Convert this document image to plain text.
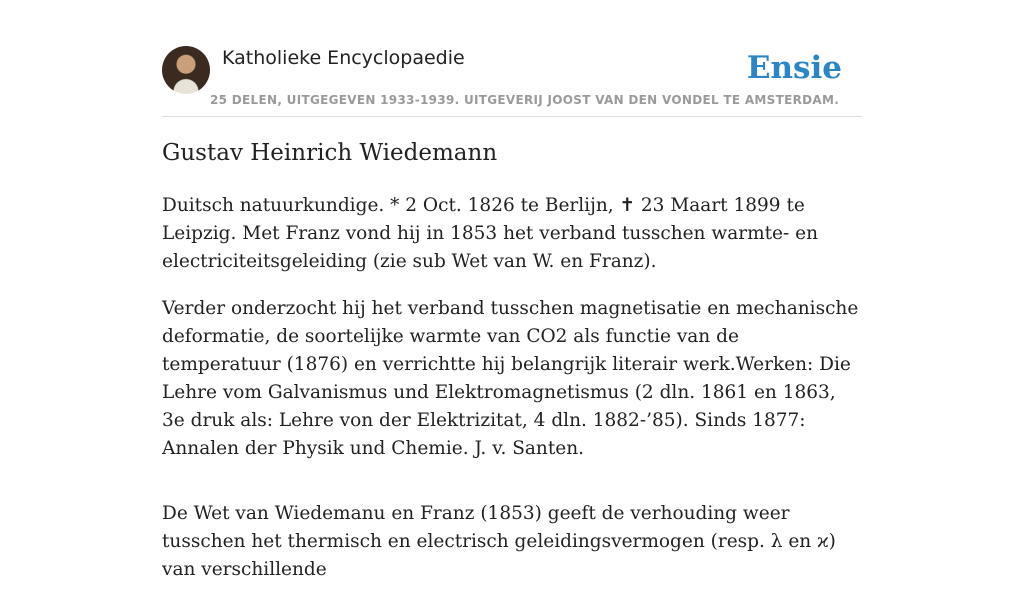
Katholieke Encyclopaedie
25 DELEN, UITGEGEVEN 1933-1939. UITGEVERIJ JOOST VAN DEN VONDEL TE AMSTERDAM.
Ensie
Gustav Heinrich Wiedemann

Duitsch natuurkundige. * 2 Oct. 1826 te Berlijn, ✝ 23 Maart 1899 te Leipzig. Met Franz vond hij in 1853 het verband tusschen warmte- en electriciteitsgeleiding (zie sub Wet van W. en Franz).

Verder onderzocht hij het verband tusschen magnetisatie en mechanische deformatie, de soortelijke warmte van CO2 als functie van de temperatuur (1876) en verrichtte hij belangrijk literair werk.Werken: Die Lehre vom Galvanismus und Elektromagnetismus (2 dln. 1861 en 1863, 3e druk als: Lehre von der Elektrizitat, 4 dln. 1882-’85). Sinds 1877: Annalen der Physik und Chemie. J. v. Santen.

De Wet van Wiedemanu en Franz (1853) geeft de verhouding weer tusschen het thermisch en electrisch geleidingsvermogen (resp. λ en ϰ) van verschillende
